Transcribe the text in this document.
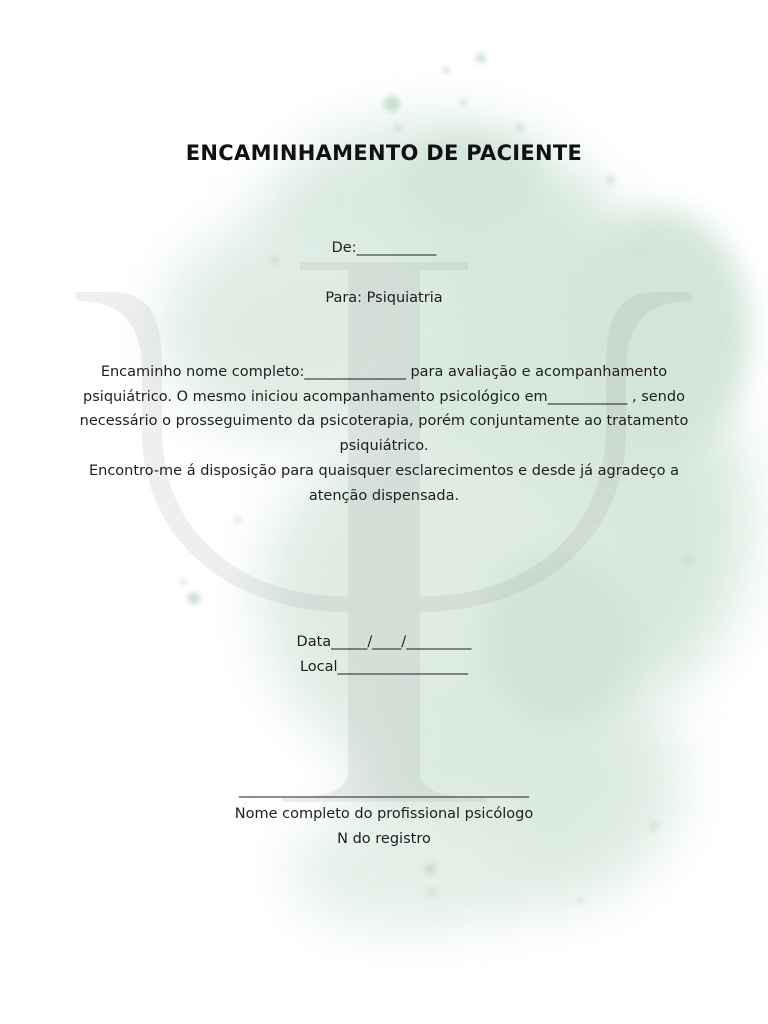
ENCAMINHAMENTO DE PACIENTE
De:___________
Para: Psiquiatria

Encaminho nome completo:______________ para avaliação e acompanhamento psiquiátrico. O mesmo iniciou acompanhamento psicológico em___________ , sendo necessário o prosseguimento da psicoterapia, porém conjuntamente ao tratamento psiquiátrico.

Encontro-me á disposição para quaisquer esclarecimentos e desde já agradeço a atenção dispensada.

Data_____/____/_________
Local__________________
________________________________________
Nome completo do profissional psicólogo
N do registro
